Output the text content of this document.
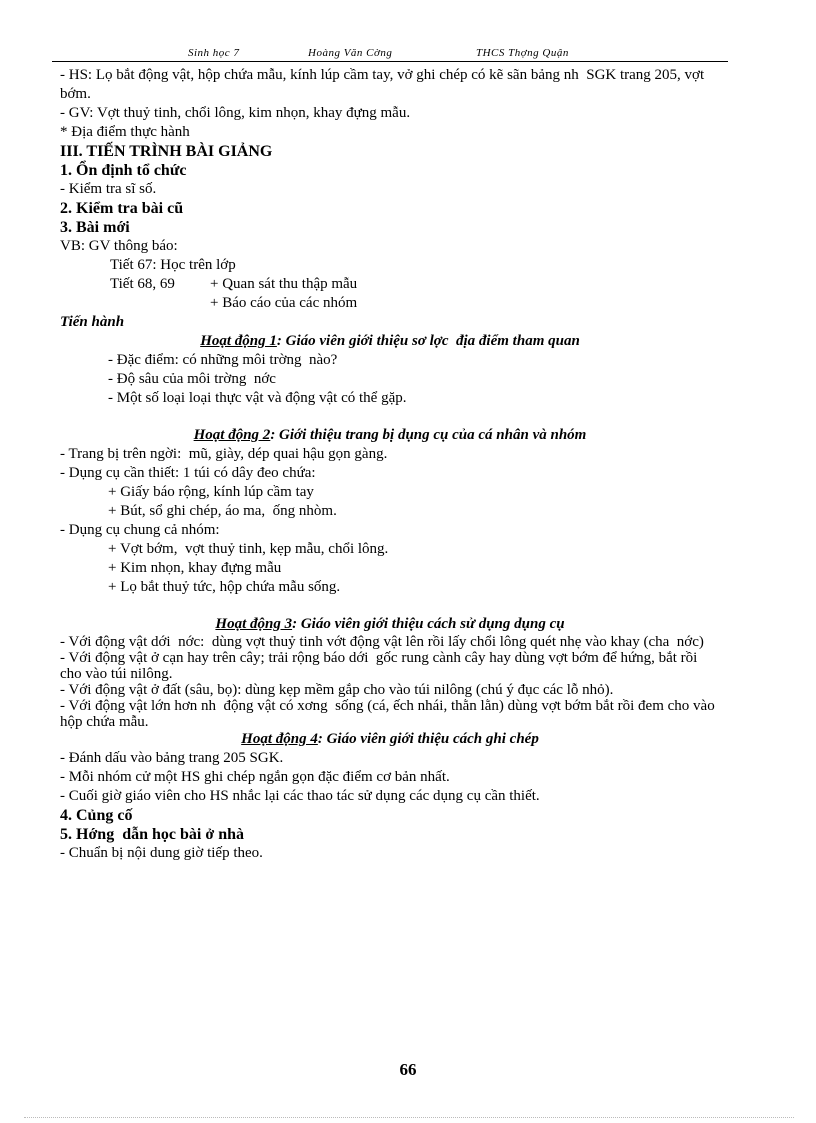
Sinh học 7	Hoàng Văn Cờng	THCS Thợng Quận
- HS: Lọ bắt động vật, hộp chứa mẫu, kính lúp cầm tay, vở ghi chép có kẽ sãn bảng nh  SGK trang 205, vợt bớm.
- GV: Vợt thuỷ tinh, chổi lông, kim nhọn, khay đựng mẫu.
* Địa điểm thực hành
III. TIẾN TRÌNH BÀI GIẢNG
1. Ổn định tổ chức
- Kiểm tra sĩ số.
2. Kiểm tra bài cũ
3. Bài mới
VB: GV thông báo:
Tiết 67: Học trên lớp
Tiết 68, 69 + Quan sát thu thập mẫu
+ Báo cáo của các nhóm
Tiến hành
Hoạt động 1: Giáo viên giới thiệu sơ lợc  địa điểm tham quan
- Đặc điểm: có những môi trờng  nào?
- Độ sâu của môi trờng  nớc
- Một số loại loại thực vật và động vật có thể gặp.
Hoạt động 2: Giới thiệu trang bị dụng cụ của cá nhân và nhóm
- Trang bị trên ngời:  mũ, giày, dép quai hậu gọn gàng.
- Dụng cụ cần thiết: 1 túi có dây đeo chứa:
+ Giấy báo rộng, kính lúp cầm tay
+ Bút, sổ ghi chép, áo ma,  ống nhòm.
- Dụng cụ chung cả nhóm:
+ Vợt bớm,  vợt thuỷ tinh, kẹp mẫu, chổi lông.
+ Kim nhọn, khay đựng mẫu
+ Lọ bắt thuỷ tức, hộp chứa mẫu sống.
Hoạt động 3: Giáo viên giới thiệu cách sử dụng dụng cụ
- Với động vật dới  nớc:  dùng vợt thuỷ tinh vớt động vật lên rồi lấy chổi lông quét nhẹ vào khay (cha  nớc)
- Với động vật ở cạn hay trên cây; trải rộng báo dới  gốc rung cành cây hay dùng vợt bớm để hứng, bắt rồi cho vào túi nilông.
- Với động vật ở đất (sâu, bọ): dùng kẹp mềm gắp cho vào túi nilông (chú ý đục các lỗ nhỏ).
- Với động vật lớn hơn nh  động vật có xơng  sống (cá, ếch nhái, thằn lằn) dùng vợt bớm bắt rồi đem cho vào hộp chứa mẫu.
Hoạt động 4: Giáo viên giới thiệu cách ghi chép
- Đánh dấu vào bảng trang 205 SGK.
- Mỗi nhóm cử một HS ghi chép ngắn gọn đặc điểm cơ bản nhất.
- Cuối giờ giáo viên cho HS nhắc lại các thao tác sử dụng các dụng cụ cần thiết.
4. Củng cố
5. Hớng  dẫn học bài ở nhà
- Chuẩn bị nội dung giờ tiếp theo.
66
